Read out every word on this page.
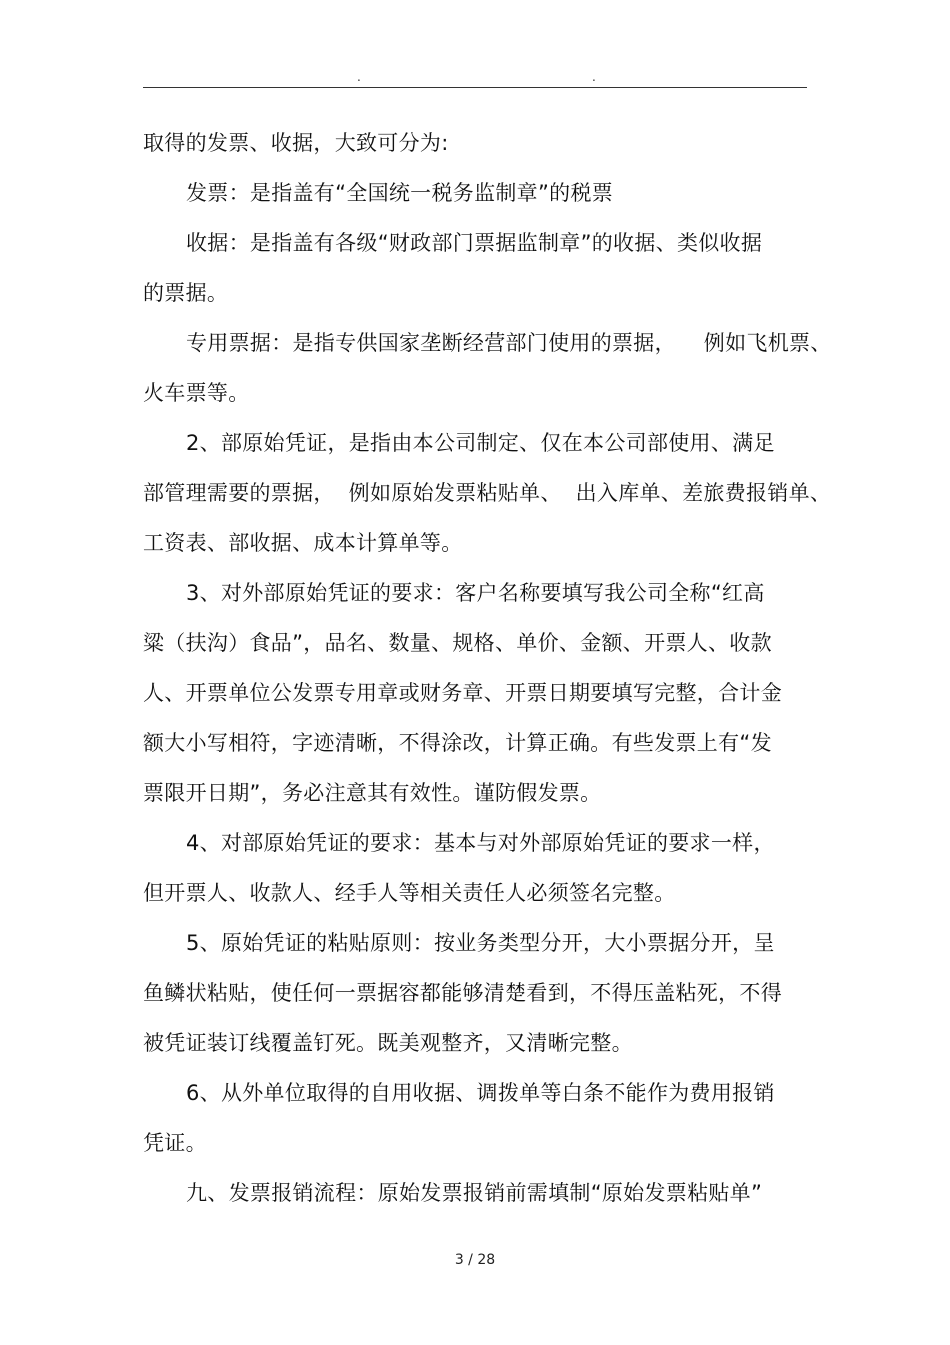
.	.
取得的发票、收据，大致可分为:
发票：是指盖有“全国统一税务监制章”的税票
收据：是指盖有各级“财政部门票据监制章”的收据、类似收据
的票据。
专用票据：是指专供国家垄断经营部门使用的票据，    例如飞机票、
火车票等。
2、部原始凭证，是指由本公司制定、仅在本公司部使用、满足
部管理需要的票据，  例如原始发票粘贴单、  出入库单、差旅费报销单、
工资表、部收据、成本计算单等。
3、对外部原始凭证的要求：客户名称要填写我公司全称“红高
粱（扶沟）食品”，品名、数量、规格、单价、金额、开票人、收款
人、开票单位公发票专用章或财务章、开票日期要填写完整，合计金
额大小写相符，字迹清晰，不得涂改，计算正确。有些发票上有“发
票限开日期”，务必注意其有效性。谨防假发票。
4、对部原始凭证的要求：基本与对外部原始凭证的要求一样，
但开票人、收款人、经手人等相关责任人必须签名完整。
5、原始凭证的粘贴原则：按业务类型分开，大小票据分开，呈
鱼鳞状粘贴，使任何一票据容都能够清楚看到，不得压盖粘死，不得
被凭证装订线覆盖钉死。既美观整齐，又清晰完整。
6、从外单位取得的自用收据、调拨单等白条不能作为费用报销
凭证。
九、发票报销流程：原始发票报销前需填制“原始发票粘贴单”
3 / 28
